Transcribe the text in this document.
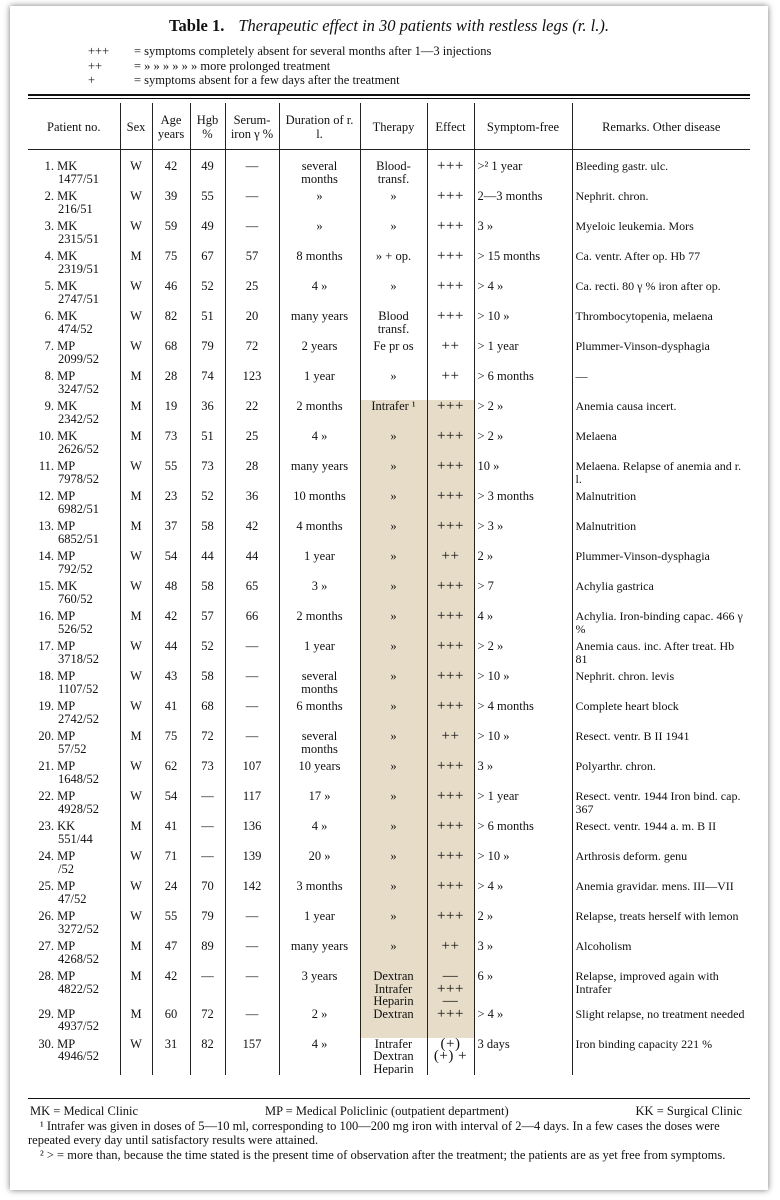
Table 1. Therapeutic effect in 30 patients with restless legs (r. l.).
+++ = symptoms completely absent for several months after 1—3 injections
++	= » » » » » » more prolonged treatment
+	= symptoms absent for a few days after the treatment
Patient no.	Sex	Age years	Hgb %	Serum-iron γ %	Duration of r. l.	Therapy	Effect	Symptom-free	Remarks. Other disease
1. MK
1477/51	W	42	49	—	several months	Blood-transf.	+++	>² 1 year	Bleeding gastr. ulc.
2. MK
216/51	W	39	55	—	»	»	+++	2—3 months	Nephrit. chron.
3. MK
2315/51	W	59	49	—	»	»	+++	3 »	Myeloic leukemia. Mors
4. MK
2319/51	M	75	67	57	8 months	» + op.	+++	> 15 months	Ca. ventr. After op. Hb 77
5. MK
2747/51	W	46	52	25	4 »	»	+++	> 4 »	Ca. recti. 80 γ % iron after op.
6. MK
474/52	W	82	51	20	many years	Blood transf.	+++	> 10 »	Thrombocytopenia, melaena
7. MP
2099/52	W	68	79	72	2 years	Fe pr os	++	> 1 year	Plummer-Vinson-dysphagia
8. MP
3247/52	M	28	74	123	1 year	»	++	> 6 months	—
9. MK
2342/52	M	19	36	22	2 months	Intrafer ¹	+++	> 2 »	Anemia causa incert.
10. MK
2626/52	M	73	51	25	4 »	»	+++	> 2 »	Melaena
11. MP
7978/52	W	55	73	28	many years	»	+++	10 »	Melaena. Relapse of anemia and r. l.
12. MP
6982/51	M	23	52	36	10 months	»	+++	> 3 months	Malnutrition
13. MP
6852/51	M	37	58	42	4 months	»	+++	> 3 »	Malnutrition
14. MP
792/52	W	54	44	44	1 year	»	++	2 »	Plummer-Vinson-dysphagia
15. MK
760/52	W	48	58	65	3 »	»	+++	> 7	Achylia gastrica
16. MP
526/52	M	42	57	66	2 months	»	+++	4 »	Achylia. Iron-binding capac. 466 γ %
17. MP
3718/52	W	44	52	—	1 year	»	+++	> 2 »	Anemia caus. inc. After treat. Hb 81
18. MP
1107/52	W	43	58	—	several months	»	+++	> 10 »	Nephrit. chron. levis
19. MP
2742/52	W	41	68	—	6 months	»	+++	> 4 months	Complete heart block
20. MP
57/52	M	75	72	—	several months	»	++	> 10 »	Resect. ventr. B II 1941
21. MP
1648/52	W	62	73	107	10 years	»	+++	3 »	Polyarthr. chron.
22. MP
4928/52	W	54	—	117	17 »	»	+++	> 1 year	Resect. ventr. 1944 Iron bind. cap. 367
23. KK
551/44	M	41	—	136	4 »	»	+++	> 6 months	Resect. ventr. 1944 a. m. B II
24. MP
/52	W	71	—	139	20 »	»	+++	> 10 »	Arthrosis deform. genu
25. MP
47/52	W	24	70	142	3 months	»	+++	> 4 »	Anemia gravidar. mens. III—VII
26. MP
3272/52	W	55	79	—	1 year	»	+++	2 »	Relapse, treats herself with lemon
27. MP
4268/52	M	47	89	—	many years	»	++	3 »	Alcoholism
28. MP
4822/52	M	42	—	—	3 years	Dextran Intrafer Heparin	— +++ —	6 »	Relapse, improved again with Intrafer
29. MP
4937/52	M	60	72	—	2 »	Dextran	+++	> 4 »	Slight relapse, no treatment needed
30. MP
4946/52	W	31	82	157	4 »	Intrafer Dextran Heparin	(+) (+) +	3 days	Iron binding capacity 221 %
MK = Medical Clinic	MP = Medical Policlinic (outpatient department)	KK = Surgical Clinic
¹ Intrafer was given in doses of 5—10 ml, corresponding to 100—200 mg iron with interval of 2—4 days. In a few cases the doses were repeated every day until satisfactory results were attained.
² > = more than, because the time stated is the present time of observation after the treatment; the patients are as yet free from symptoms.
